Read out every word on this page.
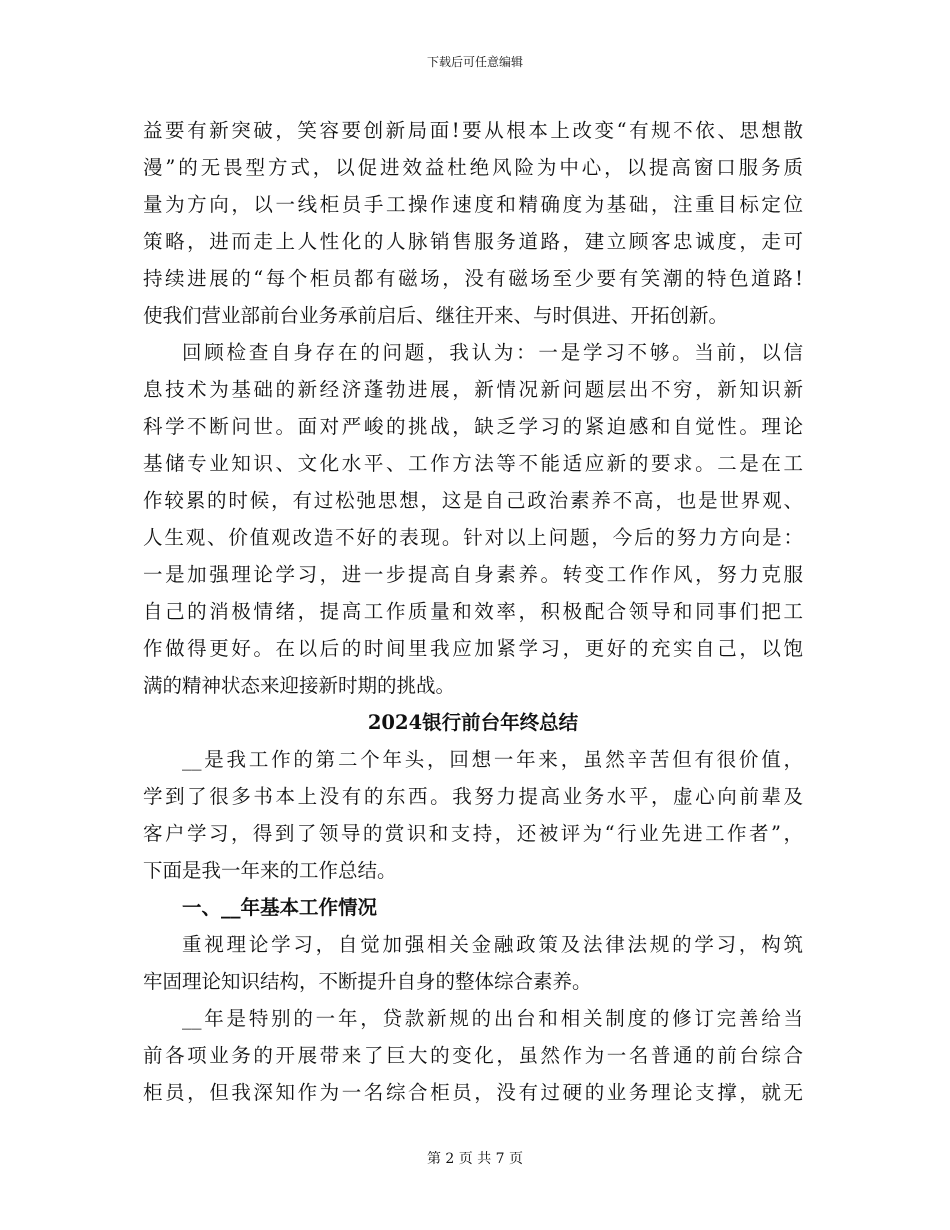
下载后可任意编辑
益要有新突破，笑容要创新局面!要从根本上改变“有规不依、思想散
漫”的无畏型方式，以促进效益杜绝风险为中心，以提高窗口服务质
量为方向，以一线柜员手工操作速度和精确度为基础，注重目标定位
策略，进而走上人性化的人脉销售服务道路，建立顾客忠诚度，走可
持续进展的“每个柜员都有磁场，没有磁场至少要有笑潮的特色道路!
使我们营业部前台业务承前启后、继往开来、与时俱进、开拓创新。
回顾检查自身存在的问题，我认为：一是学习不够。当前，以信
息技术为基础的新经济蓬勃进展，新情况新问题层出不穷，新知识新
科学不断问世。面对严峻的挑战，缺乏学习的紧迫感和自觉性。理论
基储专业知识、文化水平、工作方法等不能适应新的要求。二是在工
作较累的时候，有过松弛思想，这是自己政治素养不高，也是世界观、
人生观、价值观改造不好的表现。针对以上问题，今后的努力方向是：
一是加强理论学习，进一步提高自身素养。转变工作作风，努力克服
自己的消极情绪，提高工作质量和效率，积极配合领导和同事们把工
作做得更好。在以后的时间里我应加紧学习，更好的充实自己，以饱
满的精神状态来迎接新时期的挑战。
2024银行前台年终总结
__是我工作的第二个年头，回想一年来，虽然辛苦但有很价值，
学到了很多书本上没有的东西。我努力提高业务水平，虚心向前辈及
客户学习，得到了领导的赏识和支持，还被评为“行业先进工作者”，
下面是我一年来的工作总结。
一、__年基本工作情况
重视理论学习，自觉加强相关金融政策及法律法规的学习，构筑
牢固理论知识结构，不断提升自身的整体综合素养。
__年是特别的一年，贷款新规的出台和相关制度的修订完善给当
前各项业务的开展带来了巨大的变化，虽然作为一名普通的前台综合
柜员，但我深知作为一名综合柜员，没有过硬的业务理论支撑，就无
第 2 页 共 7 页
